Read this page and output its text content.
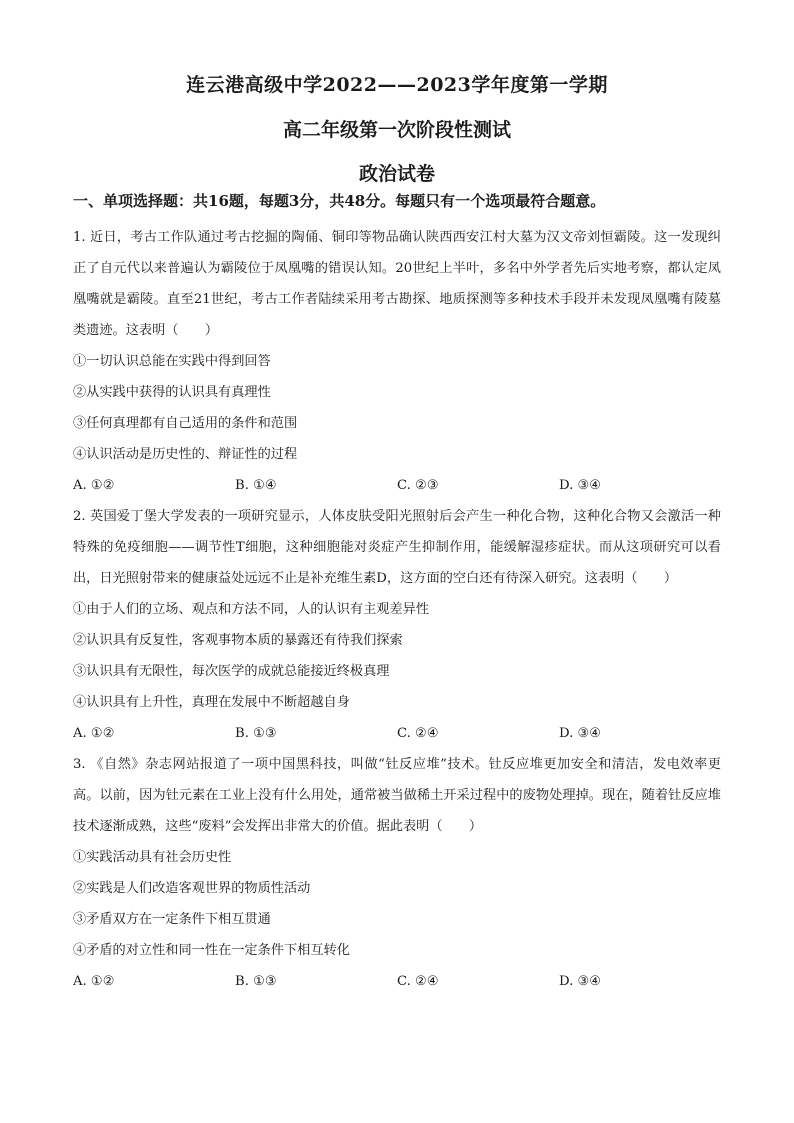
连云港高级中学2022——2023学年度第一学期
高二年级第一次阶段性测试
政治试卷
一、单项选择题：共16题，每题3分，共48分。每题只有一个选项最符合题意。

1. 近日，考古工作队通过考古挖掘的陶俑、铜印等物品确认陕西西安江村大墓为汉文帝刘恒霸陵。这一发现纠正了自元代以来普遍认为霸陵位于凤凰嘴的错误认知。20世纪上半叶，多名中外学者先后实地考察，都认定凤凰嘴就是霸陵。直至21世纪，考古工作者陆续采用考古勘探、地质探测等多种技术手段并未发现凤凰嘴有陵墓类遗迹。这表明（　　）

①一切认识总能在实践中得到回答

②从实践中获得的认识具有真理性

③任何真理都有自己适用的条件和范围

④认识活动是历史性的、辩证性的过程

A. ①②	B. ①④	C. ②③	D. ③④

2. 英国爱丁堡大学发表的一项研究显示，人体皮肤受阳光照射后会产生一种化合物，这种化合物又会激活一种特殊的免疫细胞——调节性T细胞，这种细胞能对炎症产生抑制作用，能缓解湿疹症状。而从这项研究可以看出，日光照射带来的健康益处远远不止是补充维生素D，这方面的空白还有待深入研究。这表明（　　）

①由于人们的立场、观点和方法不同，人的认识有主观差异性

②认识具有反复性，客观事物本质的暴露还有待我们探索

③认识具有无限性，每次医学的成就总能接近终极真理

④认识具有上升性，真理在发展中不断超越自身

A. ①②	B. ①③	C. ②④	D. ③④

3. 《自然》杂志网站报道了一项中国黑科技，叫做“钍反应堆”技术。钍反应堆更加安全和清洁，发电效率更高。以前，因为钍元素在工业上没有什么用处，通常被当做稀土开采过程中的废物处理掉。现在，随着钍反应堆技术逐渐成熟，这些“废料”会发挥出非常大的价值。据此表明（　　）

①实践活动具有社会历史性

②实践是人们改造客观世界的物质性活动

③矛盾双方在一定条件下相互贯通

④矛盾的对立性和同一性在一定条件下相互转化

A. ①②	B. ①③	C. ②④	D. ③④
